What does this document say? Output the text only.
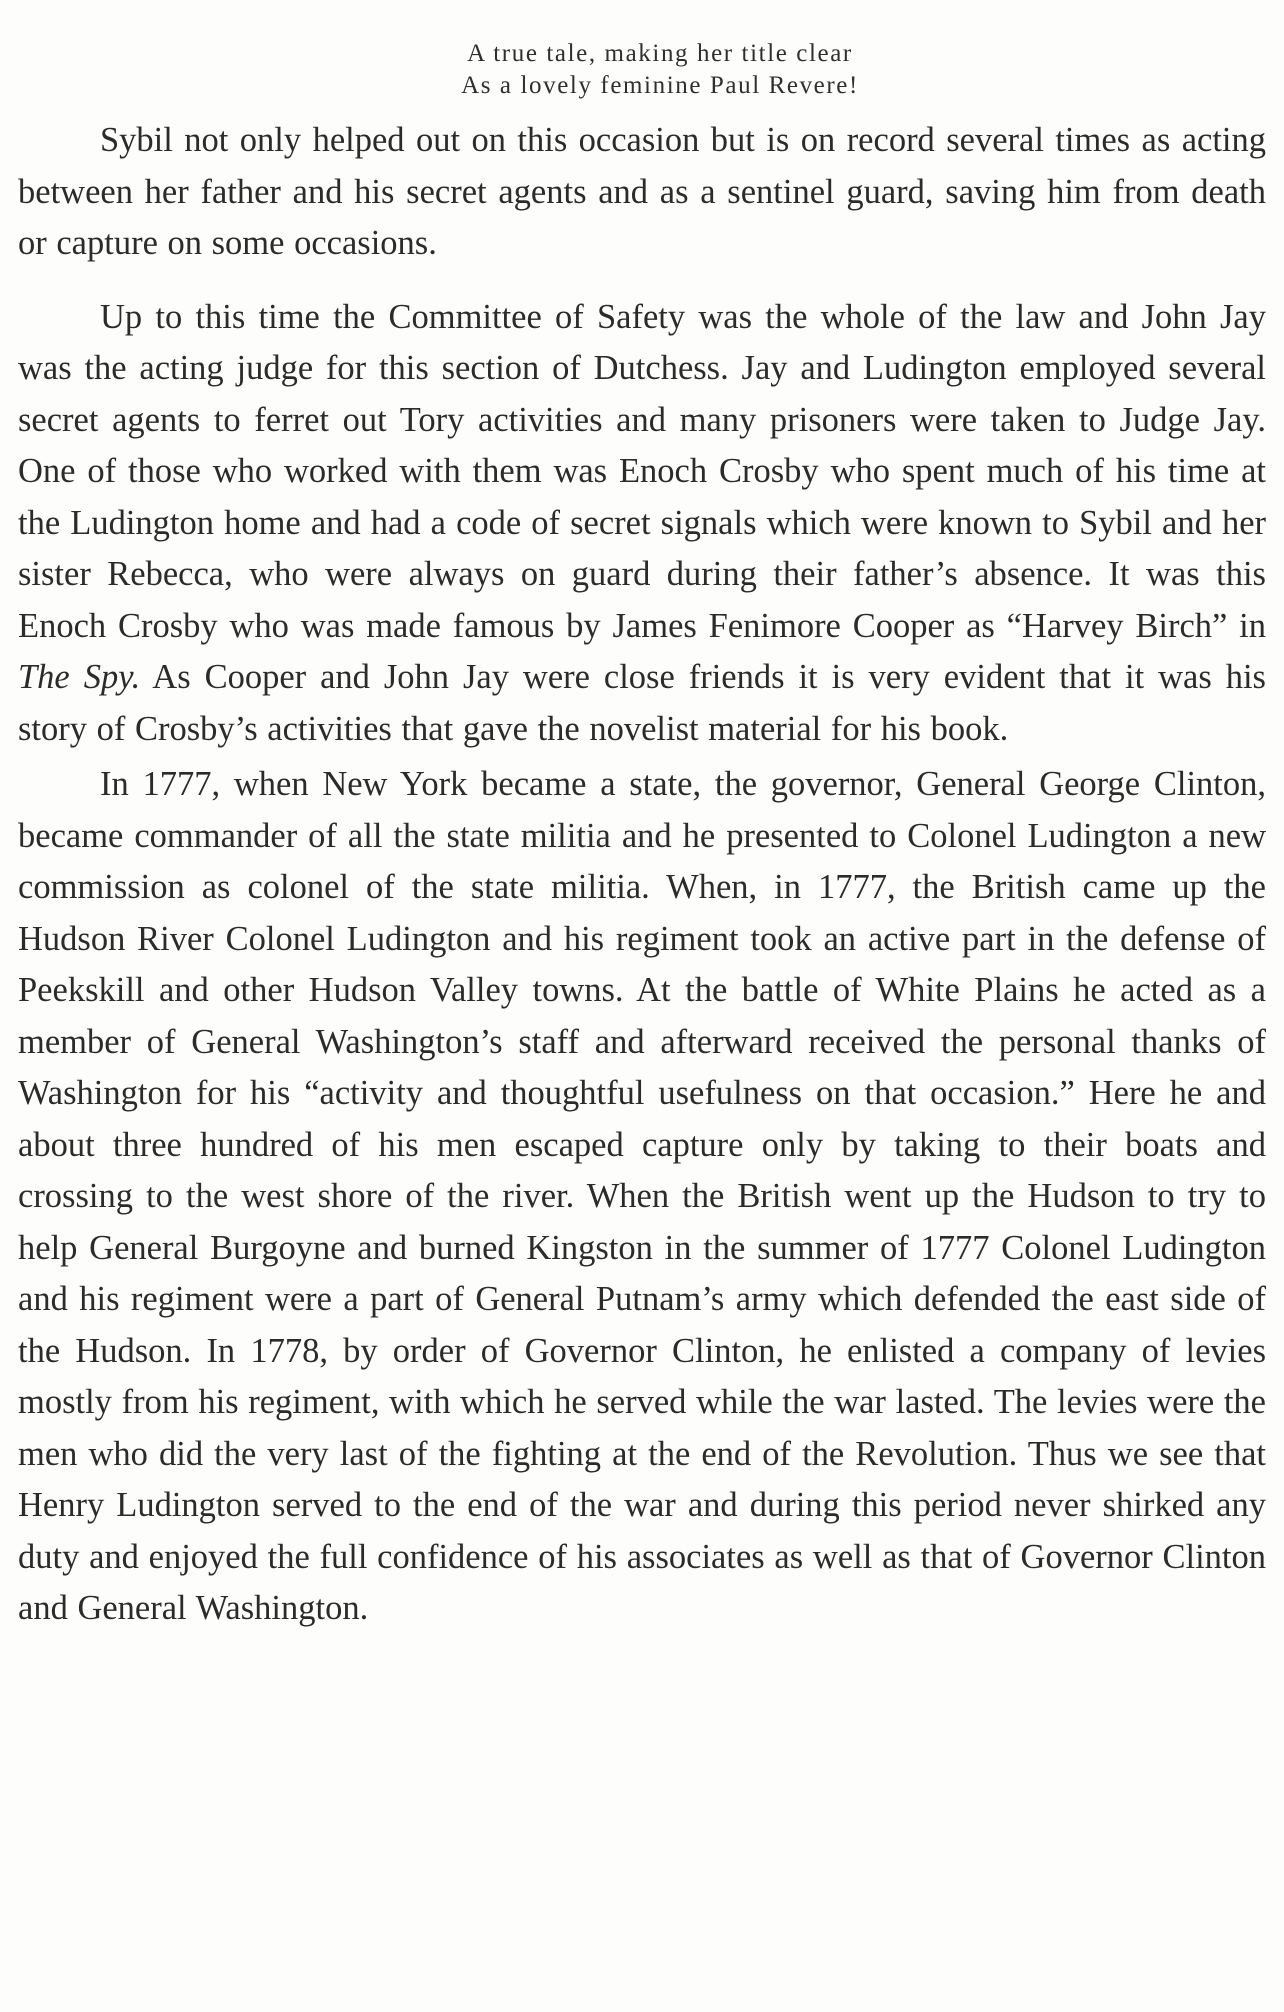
A true tale, making her title clear
As a lovely feminine Paul Revere!

Sybil not only helped out on this occasion but is on record several times as acting between her father and his secret agents and as a sentinel guard, saving him from death or capture on some occasions.

Up to this time the Committee of Safety was the whole of the law and John Jay was the acting judge for this section of Dutchess. Jay and Ludington employed several secret agents to ferret out Tory activities and many prisoners were taken to Judge Jay. One of those who worked with them was Enoch Crosby who spent much of his time at the Ludington home and had a code of secret signals which were known to Sybil and her sister Rebecca, who were always on guard during their father’s absence. It was this Enoch Crosby who was made famous by James Fenimore Cooper as “Harvey Birch” in The Spy. As Cooper and John Jay were close friends it is very evident that it was his story of Crosby’s activities that gave the novelist material for his book.

In 1777, when New York became a state, the governor, General George Clinton, became commander of all the state militia and he presented to Colonel Ludington a new commission as colonel of the state militia. When, in 1777, the British came up the Hudson River Colonel Ludington and his regiment took an active part in the defense of Peekskill and other Hudson Valley towns. At the battle of White Plains he acted as a member of General Washington’s staff and afterward received the personal thanks of Washington for his “activity and thoughtful usefulness on that occasion.” Here he and about three hundred of his men escaped capture only by taking to their boats and crossing to the west shore of the river. When the British went up the Hudson to try to help General Burgoyne and burned Kingston in the summer of 1777 Colonel Ludington and his regiment were a part of General Putnam’s army which defended the east side of the Hudson. In 1778, by order of Governor Clinton, he enlisted a company of levies mostly from his regiment, with which he served while the war lasted. The levies were the men who did the very last of the fighting at the end of the Revolution. Thus we see that Henry Ludington served to the end of the war and during this period never shirked any duty and enjoyed the full confidence of his associates as well as that of Governor Clinton and General Washington.
